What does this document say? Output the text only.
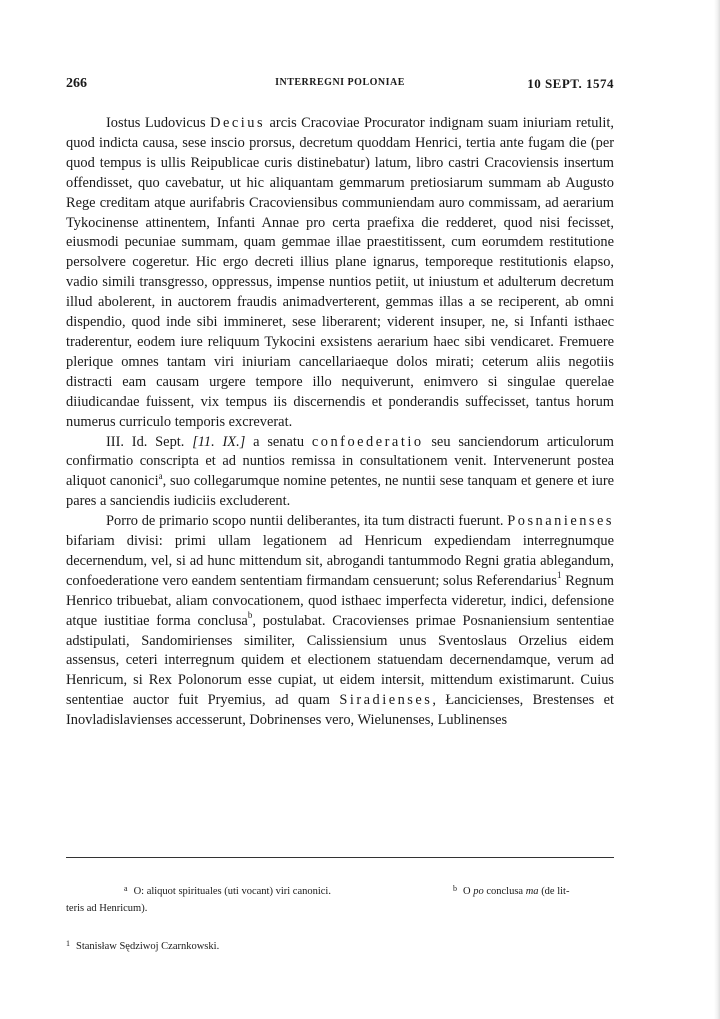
266	INTERREGNI POLONIAE	10 SEPT. 1574

Iostus Ludovicus Decius arcis Cracoviae Procurator indignam suam iniuriam retulit, quod indicta causa, sese inscio prorsus, decretum quoddam Henrici, tertia ante fugam die (per quod tempus is ullis Reipublicae curis distinebatur) latum, libro castri Cracoviensis insertum offendisset, quo cavebatur, ut hic aliquantam gemmarum pretiosiarum summam ab Augusto Rege creditam atque aurifabris Cracoviensibus communiendam auro commissam, ad aerarium Tykocinense attinentem, Infanti Annae pro certa praefixa die redderet, quod nisi fecisset, eiusmodi pecuniae summam, quam gemmae illae praestitissent, cum eorumdem restitutione persolvere cogeretur. Hic ergo decreti illius plane ignarus, temporeque restitutionis elapso, vadio simili transgresso, oppressus, impense nuntios petiit, ut iniustum et adulterum decretum illud abolerent, in auctorem fraudis animadverterent, gemmas illas a se reciperent, ab omni dispendio, quod inde sibi immineret, sese liberarent; viderent insuper, ne, si Infanti isthaec traderentur, eodem iure reliquum Tykocini exsistens aerarium haec sibi vendicaret. Fremuere plerique omnes tantam viri iniuriam cancellariaeque dolos mirati; ceterum aliis negotiis distracti eam causam urgere tempore illo nequiverunt, enimvero si singulae querelae diiudicandae fuissent, vix tempus iis discernendis et ponderandis suffecisset, tantus horum numerus curriculo temporis excreverat.

III. Id. Sept. [11. IX.] a senatu confoederatio seu sanciendorum articulorum confirmatio conscripta et ad nuntios remissa in consultationem venit. Intervenerunt postea aliquot canonici$^a$, suo collegarumque nomine petentes, ne nuntii sese tanquam et genere et iure pares a sanciendis iudiciis excluderent.

Porro de primario scopo nuntii deliberantes, ita tum distracti fuerunt. Posnanienses bifariam divisi: primi ullam legationem ad Henricum expediendam interregnumque decernendum, vel, si ad hunc mittendum sit, abrogandi tantummodo Regni gratia ablegandum, confoederatione vero eandem sententiam firmandam censuerunt; solus Referendarius$^1$ Regnum Henrico tribuebat, aliam convocationem, quod isthaec imperfecta videretur, indici, defensione atque iustitiae forma conclusa$^b$, postulabat. Cracovienses primae Posnaniensium sententiae adstipulati, Sandomirienses similiter, Calissiensium unus Sventoslaus Orzelius eidem assensus, ceteri interregnum quidem et electionem statuendam decernendamque, verum ad Henricum, si Rex Polonorum esse cupiat, ut eidem intersit, mittendum existimarunt. Cuius sententiae auctor fuit Pryemius, ad quam Siradienses, Łancicienses, Brestenses et Inovladislavienses accesserunt, Dobrinenses vero, Wielunenses, Lublinenses

$^a$ O: aliquot spirituales (uti vocant) viri canonici.
teris ad Henricum).
$^b$ O po conclusa ma (de lit-
$^1$ Stanisław Sędziwoj Czarnkowski.
